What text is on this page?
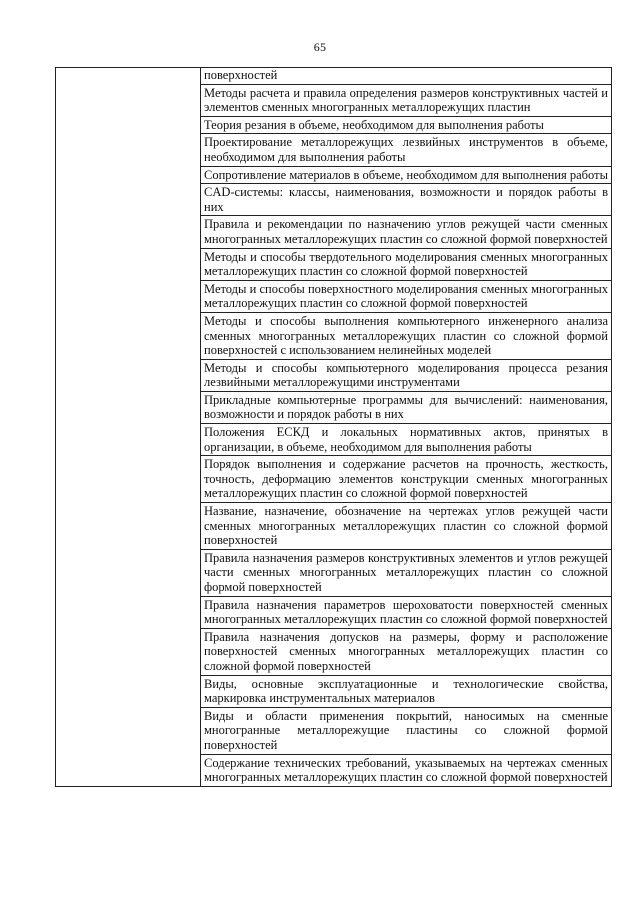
65

поверхностей
Методы расчета и правила определения размеров конструктивных частей и элементов сменных многогранных металлорежущих пластин
Теория резания в объеме, необходимом для выполнения работы
Проектирование металлорежущих лезвийных инструментов в объеме, необходимом для выполнения работы
Сопротивление материалов в объеме, необходимом для выполнения работы
CAD-системы: классы, наименования, возможности и порядок работы в них
Правила и рекомендации по назначению углов режущей части сменных многогранных металлорежущих пластин со сложной формой поверхностей
Методы и способы твердотельного моделирования сменных многогранных металлорежущих пластин со сложной формой поверхностей
Методы и способы поверхностного моделирования сменных многогранных металлорежущих пластин со сложной формой поверхностей
Методы и способы выполнения компьютерного инженерного анализа сменных многогранных металлорежущих пластин со сложной формой поверхностей с использованием нелинейных моделей
Методы и способы компьютерного моделирования процесса резания лезвийными металлорежущими инструментами
Прикладные компьютерные программы для вычислений: наименования, возможности и порядок работы в них
Положения ЕСКД и локальных нормативных актов, принятых в организации, в объеме, необходимом для выполнения работы
Порядок выполнения и содержание расчетов на прочность, жесткость, точность, деформацию элементов конструкции сменных многогранных металлорежущих пластин со сложной формой поверхностей
Название, назначение, обозначение на чертежах углов режущей части сменных многогранных металлорежущих пластин со сложной формой поверхностей
Правила назначения размеров конструктивных элементов и углов режущей части сменных многогранных металлорежущих пластин со сложной формой поверхностей
Правила назначения параметров шероховатости поверхностей сменных многогранных металлорежущих пластин со сложной формой поверхностей
Правила назначения допусков на размеры, форму и расположение поверхностей сменных многогранных металлорежущих пластин со сложной формой поверхностей
Виды, основные эксплуатационные и технологические свойства, маркировка инструментальных материалов
Виды и области применения покрытий, наносимых на сменные многогранные металлорежущие пластины со сложной формой поверхностей
Содержание технических требований, указываемых на чертежах сменных многогранных металлорежущих пластин со сложной формой поверхностей
